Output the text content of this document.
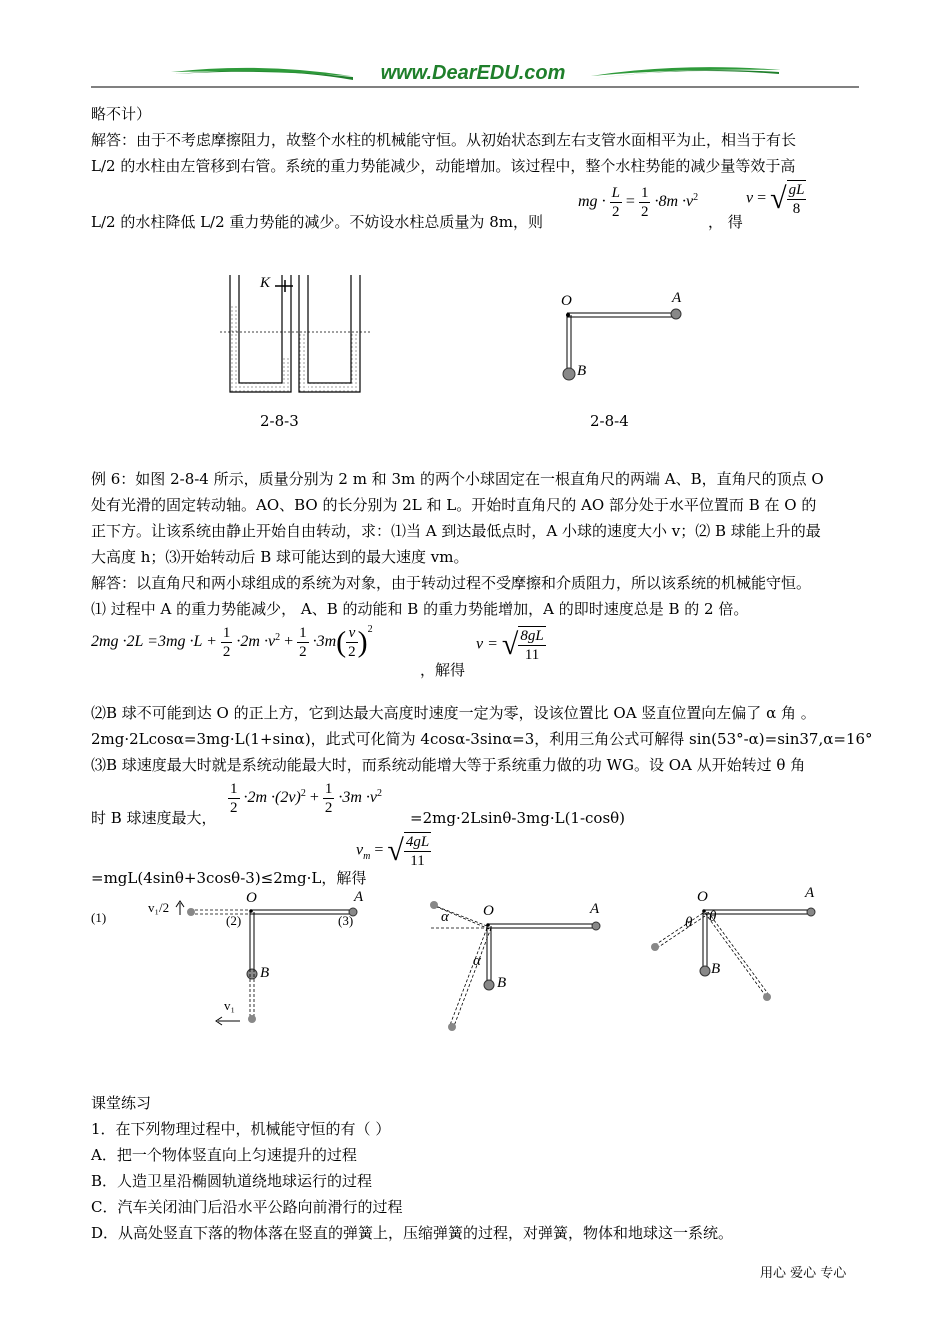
www.DearEDU.com
略不计）
解答：由于不考虑摩擦阻力，故整个水柱的机械能守恒。从初始状态到左右支管水面相平为止，相当于有长
L/2 的水柱由左管移到右管。系统的重力势能减少，动能增加。该过程中，整个水柱势能的减少量等效于高
L/2 的水柱降低 L/2 重力势能的减少。不妨设水柱总质量为 8m，则
mg · $\frac{L}{2} = \frac{1}{2} \cdot 8m \cdot v^2$
， 得
v = √ $\frac{gL}{8}$
K
2-8-3
O	A
B
2-8-4
例 6：如图 2-8-4 所示，质量分别为 2 m 和 3m 的两个小球固定在一根直角尺的两端 A、B，直角尺的顶点 O
处有光滑的固定转动轴。AO、BO 的长分别为 2L 和 L。开始时直角尺的 AO 部分处于水平位置而 B 在 O 的
正下方。让该系统由静止开始自由转动，求：⑴当 A 到达最低点时，A 小球的速度大小 v；⑵ B 球能上升的最
大高度 h；⑶开始转动后 B 球可能达到的最大速度 vm。
解答：以直角尺和两小球组成的系统为对象，由于转动过程不受摩擦和介质阻力，所以该系统的机械能守恒。
⑴ 过程中 A 的重力势能减少， A、B 的动能和 B 的重力势能增加，A 的即时速度总是 B 的 2 倍。
$2mg \cdot 2L =3mg \cdot L + \frac{1}{2} \cdot 2m \cdot v^2 + \frac{1}{2} \cdot 3m( \frac{v}{2} )^2$
，解得
v = √ $\frac{8gL}{11}$
⑵B 球不可能到达 O 的正上方，它到达最大高度时速度一定为零，设该位置比 OA 竖直位置向左偏了 α 角 。
2mg·2Lcosα=3mg·L(1+sinα)，此式可化简为 4cosα-3sinα=3，利用三角公式可解得 sin(53°-α)=sin37,α=16°
⑶B 球速度最大时就是系统动能最大时，而系统动能增大等于系统重力做的功 WG。设 OA 从开始转过 θ 角
$\frac{1}{2} \cdot 2m \cdot(2v)^2 + \frac{1}{2} \cdot 3m \cdot v^2$
时 B 球速度最大，	=2mg·2Lsinθ-3mg·L(1-cosθ)
=mgL(4sinθ+3cosθ-3)≤2mg·L，解得
$v_m$ = √ $\frac{4gL}{11}$
(1)
O	A
B
v₁/2
v₁
(2)	(3)
O	A
B
α
α
O	A
B
θ θ
课堂练习
1．在下列物理过程中，机械能守恒的有（ ）
A．把一个物体竖直向上匀速提升的过程
B．人造卫星沿椭圆轨道绕地球运行的过程
C．汽车关闭油门后沿水平公路向前滑行的过程
D．从高处竖直下落的物体落在竖直的弹簧上，压缩弹簧的过程，对弹簧，物体和地球这一系统。
用心 爱心 专心
